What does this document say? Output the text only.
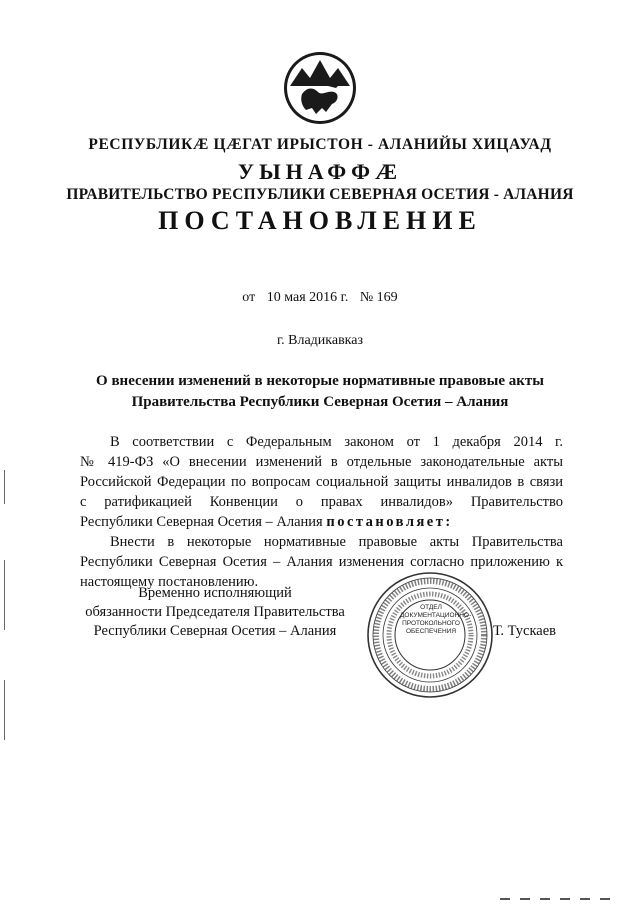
РЕСПУБЛИКӔ ЦӔГАТ ИРЫСТОН - АЛАНИЙЫ ХИЦАУАД
УЫНАФФӔ
ПРАВИТЕЛЬСТВО РЕСПУБЛИКИ СЕВЕРНАЯ ОСЕТИЯ - АЛАНИЯ
ПОСТАНОВЛЕНИЕ
от 10 мая 2016 г. № 169
г. Владикавказ
О внесении изменений в некоторые нормативные правовые акты
Правительства Республики Северная Осетия – Алания
В соответствии с Федеральным законом от 1 декабря 2014 г.
№ 419-ФЗ «О внесении изменений в отдельные законодательные акты
Российской Федерации по вопросам социальной защиты инвалидов в связи
с ратификацией Конвенции о правах инвалидов» Правительство
Республики Северная Осетия – Алания постановляет:
Внести в некоторые нормативные правовые акты Правительства
Республики Северная Осетия – Алания изменения согласно приложению к
настоящему постановлению.
Временно исполняющий
обязанности Председателя Правительства
Республики Северная Осетия – Алания
ОТДЕЛ
ДОКУМЕНТАЦИОННО-
ПРОТОКОЛЬНОГО
ОБЕСПЕЧЕНИЯ	Т. Тускаев
